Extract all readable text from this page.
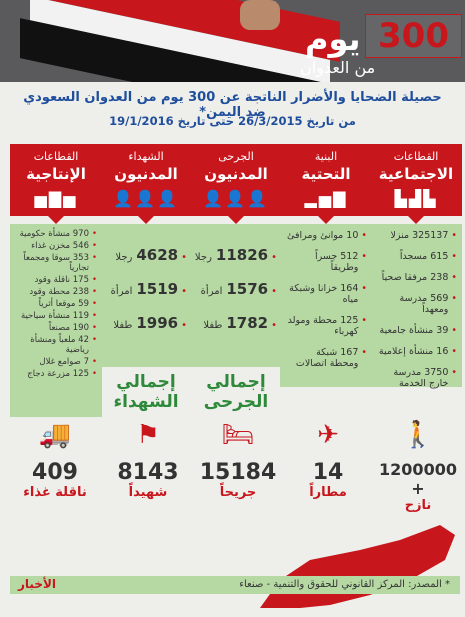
يوم 300
من العدوان
حصيلة الضحايا والأضرار الناتجة عن 300 يوم من العدوان السعودي ضد اليمن*
من تاريخ 26/3/2015 حتى تاريخ 19/1/2016
القطاعات
الاجتماعية
▙▟▙
•
325137 منزلا
•
615 مسجداً
•
238 مرفقا صحياً
•
569 مدرسة ومعهداً
•
39 منشأة جامعية
•
16 منشأة إعلامية
•
3750 مدرسة خارج الخدمة
البنية
التحتية
▂▅▇
•
10 موانئ ومرافئ
•
512 جسراً وطريقاً
•
164 خزانا وشبكة مياه
•
125 محطة ومولد كهرباء
•
167 شبكة ومحطة اتصالات
الجرحى
المدنيون
👤👤👤
•
11826
رجلا
•
1576
امرأة
•
1782
طفلا
الشهداء
المدنيون
👤👤👤
•
4628
رجلا
•
1519
امرأة
•
1996
طفلا
القطاعات
الإنتاجية
▅▇▅
•
970 منشأة حكومية
•
546 مخزن غذاء
•
353 سوقا ومجمعاً تجارياً
•
175 ناقلة وقود
•
238 محطة وقود
•
59 موقعا أثرياً
•
119 منشأة سياحية
•
190 مصنعاً
•
42 ملعباً ومنشأة رياضية
•
7 صوامع غلال
•
125 مزرعة دجاج	إجمالي الجرحى
إجمالي الشهداء
🚶
1200000 +
نازح
✈
14
مطاراً
🛏
15184
جريحاً
⚑
8143
شهيداً
🚚
409
ناقلة غذاء
* المصدر: المركز القانوني للحقوق والتنمية - صنعاء
الأخبار
